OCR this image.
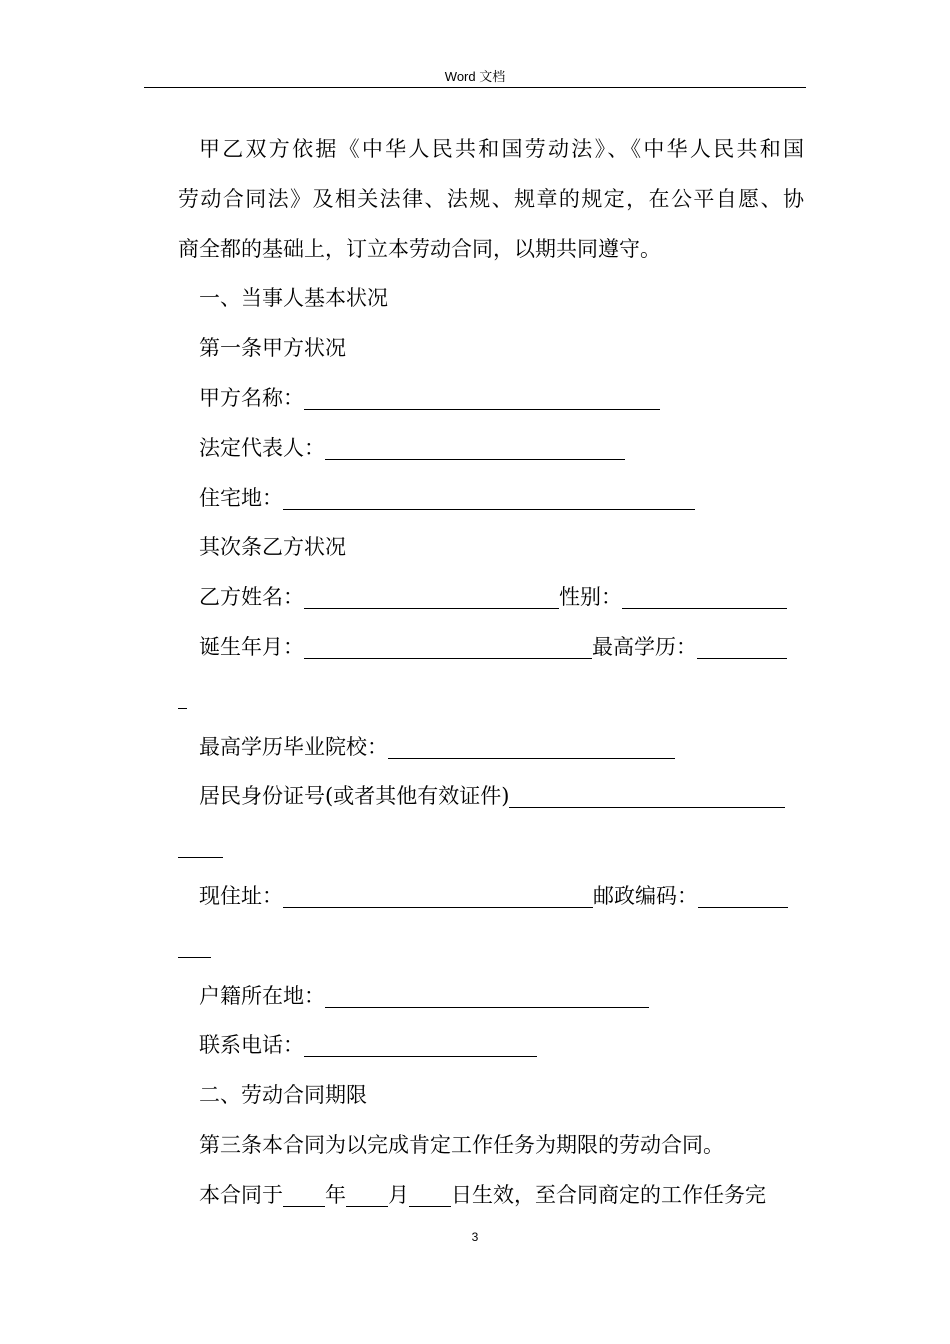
Word 文档
甲乙双方依据《中华人民共和国劳动法》、《中华人民共和国
劳动合同法》及相关法律、法规、规章的规定，在公平自愿、协
商全都的基础上，订立本劳动合同，以期共同遵守。
一、当事人基本状况
第一条甲方状况
甲方名称：
法定代表人：
住宅地：
其次条乙方状况
乙方姓名：	性别：
诞生年月：	最高学历：
最高学历毕业院校：
居民身份证号(或者其他有效证件)
现住址：	邮政编码：
户籍所在地：
联系电话：
二、劳动合同期限
第三条本合同为以完成肯定工作任务为期限的劳动合同。
本合同于 年 月 日生效，至合同商定的工作任务完
3
